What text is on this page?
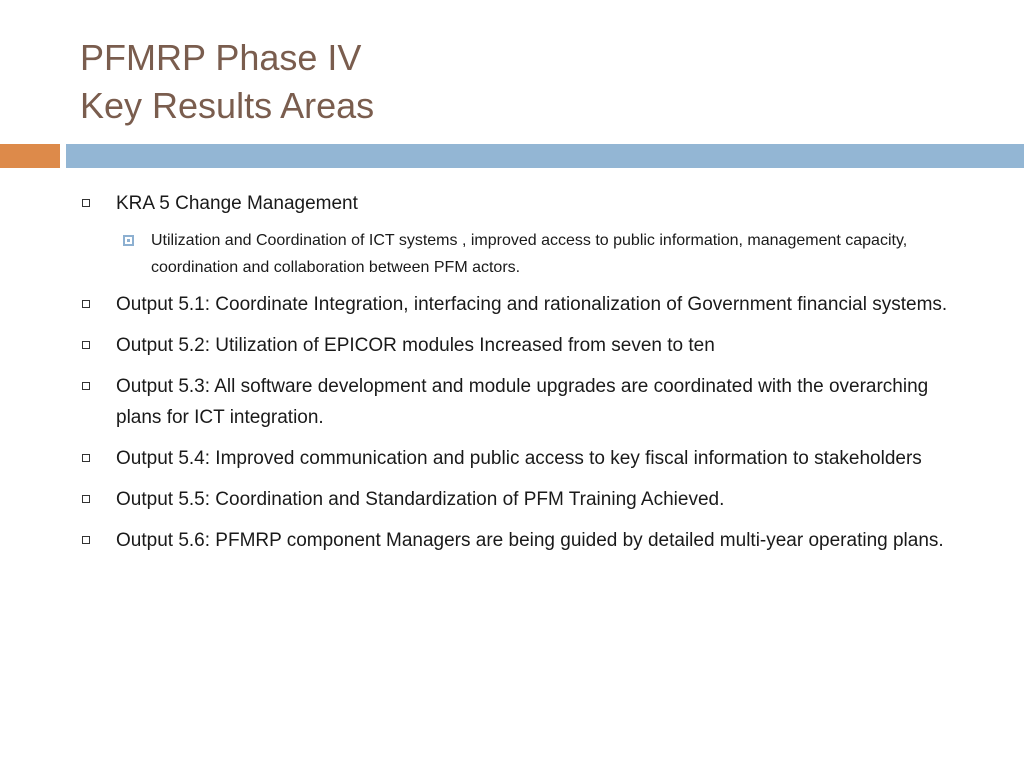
PFMRP Phase IV
Key Results Areas
KRA 5 Change Management
Utilization and Coordination of ICT systems , improved access to public information, management capacity, coordination and collaboration between PFM actors.
Output 5.1: Coordinate Integration, interfacing and rationalization of Government financial systems.
Output 5.2: Utilization of EPICOR modules Increased from seven to ten
Output 5.3: All software development and module upgrades are coordinated with the overarching plans for ICT integration.
Output 5.4: Improved communication and public access to key fiscal information to stakeholders
Output 5.5: Coordination and Standardization of PFM Training Achieved.
Output 5.6: PFMRP component Managers are being guided by detailed multi-year operating plans.
